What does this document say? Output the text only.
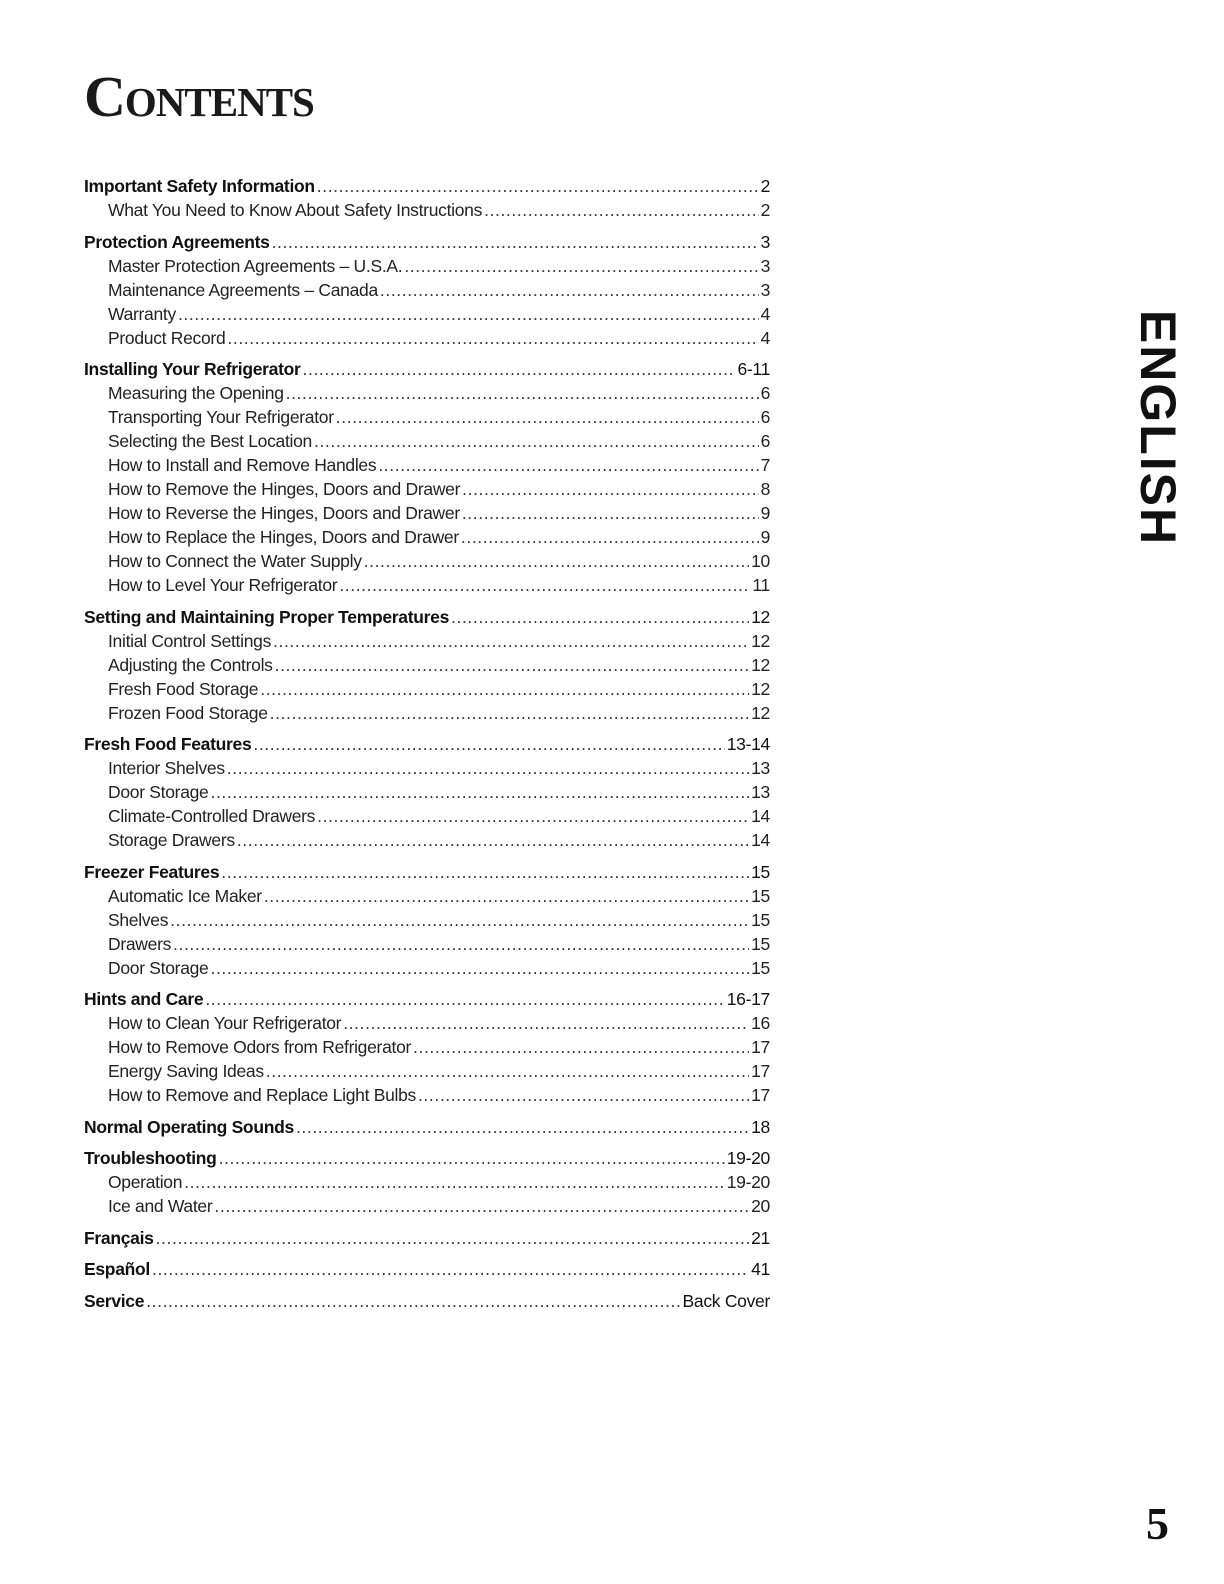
Contents
Important Safety Information .....	2
What You Need to Know About Safety Instructions .....	2
Protection Agreements .....	3
Master Protection Agreements – U.S.A. .....	3
Maintenance Agreements – Canada .....	3
Warranty .....	4
Product Record .....	4
Installing Your Refrigerator .....	6-11
Measuring the Opening .....	6
Transporting Your Refrigerator .....	6
Selecting the Best Location .....	6
How to Install and Remove Handles .....	7
How to Remove the Hinges, Doors and Drawer .....	8
How to Reverse the Hinges, Doors and Drawer .....	9
How to Replace the Hinges, Doors and Drawer .....	9
How to Connect the Water Supply .....	10
How to Level Your Refrigerator .....	11
Setting and Maintaining Proper Temperatures .....	12
Initial Control Settings .....	12
Adjusting the Controls .....	12
Fresh Food Storage .....	12
Frozen Food Storage .....	12
Fresh Food Features .....	13-14
Interior Shelves .....	13
Door Storage .....	13
Climate-Controlled Drawers .....	14
Storage Drawers .....	14
Freezer Features .....	15
Automatic Ice Maker .....	15
Shelves .....	15
Drawers .....	15
Door Storage .....	15
Hints and Care .....	16-17
How to Clean Your Refrigerator .....	16
How to Remove Odors from Refrigerator .....	17
Energy Saving Ideas .....	17
How to Remove and Replace Light Bulbs .....	17
Normal Operating Sounds .....	18
Troubleshooting .....	19-20
Operation .....	19-20
Ice and Water .....	20
Français .....	21
Español .....	41
Service .....	Back Cover
ENGLISH
5
